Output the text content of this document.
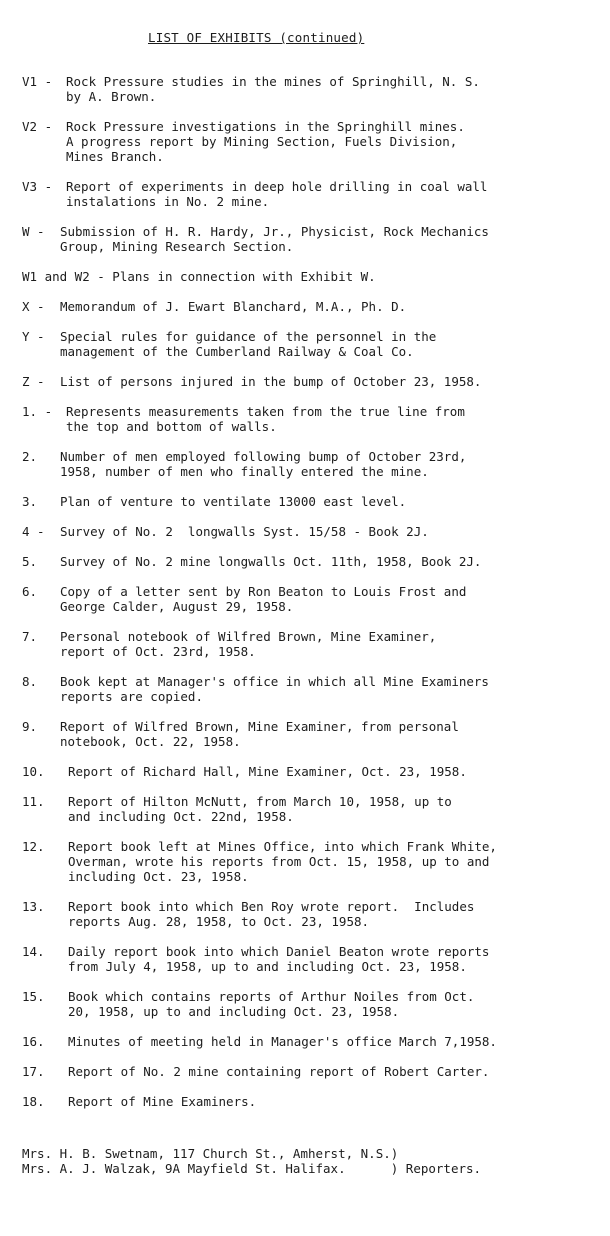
LIST OF EXHIBITS (continued)
V1 - Rock Pressure studies in the mines of Springhill, N. S.
by A. Brown.
V2 - Rock Pressure investigations in the Springhill mines.
A progress report by Mining Section, Fuels Division,
Mines Branch.
V3 - Report of experiments in deep hole drilling in coal wall
instalations in No. 2 mine.
W - Submission of H. R. Hardy, Jr., Physicist, Rock Mechanics
Group, Mining Research Section.
W1 and W2 - Plans in connection with Exhibit W.
X - Memorandum of J. Ewart Blanchard, M.A., Ph. D.
Y - Special rules for guidance of the personnel in the
management of the Cumberland Railway & Coal Co.
Z - List of persons injured in the bump of October 23, 1958.
1. - Represents measurements taken from the true line from
the top and bottom of walls.
2.	Number of men employed following bump of October 23rd,
1958, number of men who finally entered the mine.
3.	Plan of venture to ventilate 13000 east level.
4 - Survey of No. 2  longwalls Syst. 15/58 - Book 2J.
5.	Survey of No. 2 mine longwalls Oct. 11th, 1958, Book 2J.
6.	Copy of a letter sent by Ron Beaton to Louis Frost and
George Calder, August 29, 1958.
7.	Personal notebook of Wilfred Brown, Mine Examiner,
report of Oct. 23rd, 1958.
8.	Book kept at Manager's office in which all Mine Examiners
reports are copied.
9.	Report of Wilfred Brown, Mine Examiner, from personal
notebook, Oct. 22, 1958.
10.	Report of Richard Hall, Mine Examiner, Oct. 23, 1958.
11.	Report of Hilton McNutt, from March 10, 1958, up to
and including Oct. 22nd, 1958.
12.	Report book left at Mines Office, into which Frank White,
Overman, wrote his reports from Oct. 15, 1958, up to and
including Oct. 23, 1958.
13.	Report book into which Ben Roy wrote report.  Includes
reports Aug. 28, 1958, to Oct. 23, 1958.
14.	Daily report book into which Daniel Beaton wrote reports
from July 4, 1958, up to and including Oct. 23, 1958.
15.	Book which contains reports of Arthur Noiles from Oct.
20, 1958, up to and including Oct. 23, 1958.
16.	Minutes of meeting held in Manager's office March 7,1958.
17.	Report of No. 2 mine containing report of Robert Carter.
18.	Report of Mine Examiners.
Mrs. H. B. Swetnam, 117 Church St., Amherst, N.S.)
Mrs. A. J. Walzak, 9A Mayfield St. Halifax.      ) Reporters.
